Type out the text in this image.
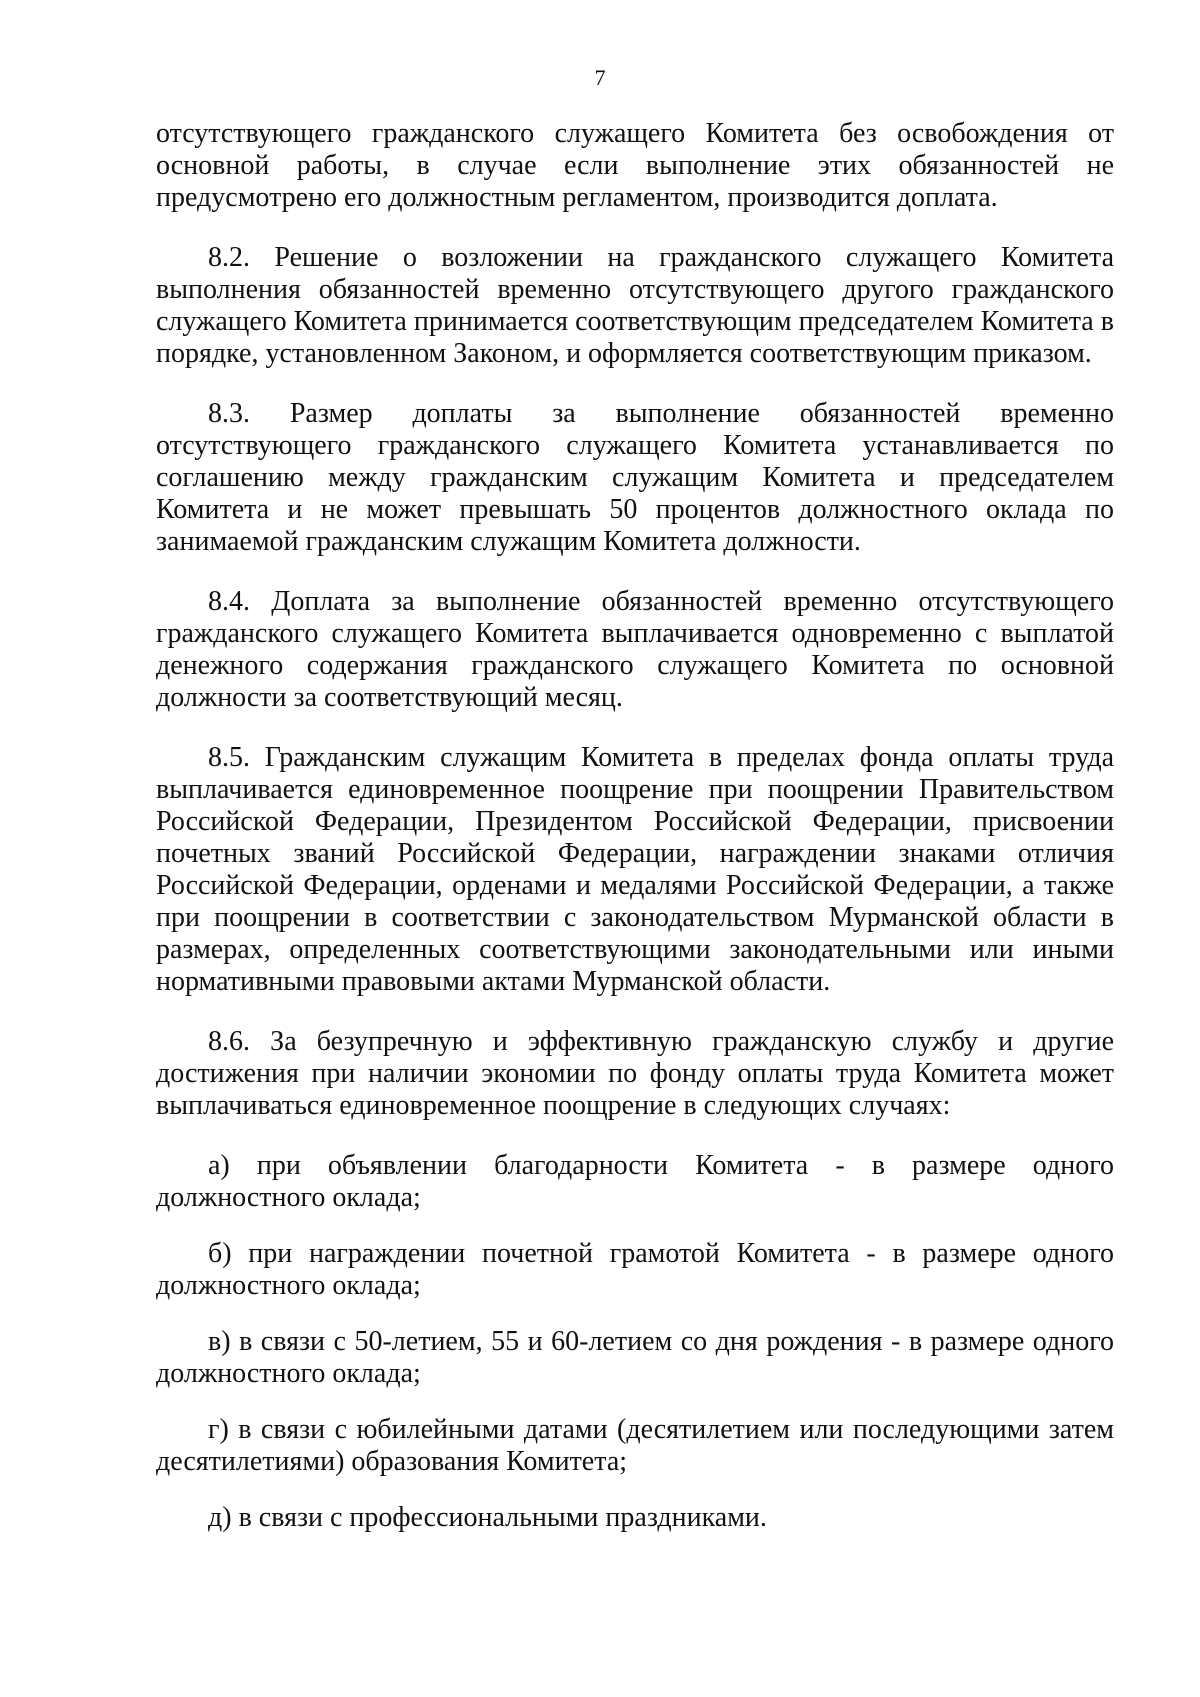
7

отсутствующего гражданского служащего Комитета без освобождения от основной работы, в случае если выполнение этих обязанностей не предусмотрено его должностным регламентом, производится доплата.

8.2. Решение о возложении на гражданского служащего Комитета выполнения обязанностей временно отсутствующего другого гражданского служащего Комитета принимается соответствующим председателем Комитета в порядке, установленном Законом, и оформляется соответствующим приказом.

8.3. Размер доплаты за выполнение обязанностей временно отсутствующего гражданского служащего Комитета устанавливается по соглашению между гражданским служащим Комитета и председателем Комитета и не может превышать 50 процентов должностного оклада по занимаемой гражданским служащим Комитета должности.

8.4. Доплата за выполнение обязанностей временно отсутствующего гражданского служащего Комитета выплачивается одновременно с выплатой денежного содержания гражданского служащего Комитета по основной должности за соответствующий месяц.

8.5. Гражданским служащим Комитета в пределах фонда оплаты труда выплачивается единовременное поощрение при поощрении Правительством Российской Федерации, Президентом Российской Федерации, присвоении почетных званий Российской Федерации, награждении знаками отличия Российской Федерации, орденами и медалями Российской Федерации, а также при поощрении в соответствии с законодательством Мурманской области в размерах, определенных соответствующими законодательными или иными нормативными правовыми актами Мурманской области.

8.6. За безупречную и эффективную гражданскую службу и другие достижения при наличии экономии по фонду оплаты труда Комитета может выплачиваться единовременное поощрение в следующих случаях:

а) при объявлении благодарности Комитета - в размере одного должностного оклада;

б) при награждении почетной грамотой Комитета - в размере одного должностного оклада;

в) в связи с 50-летием, 55 и 60-летием со дня рождения - в размере одного должностного оклада;

г) в связи с юбилейными датами (десятилетием или последующими затем десятилетиями) образования Комитета;

д) в связи с профессиональными праздниками.
